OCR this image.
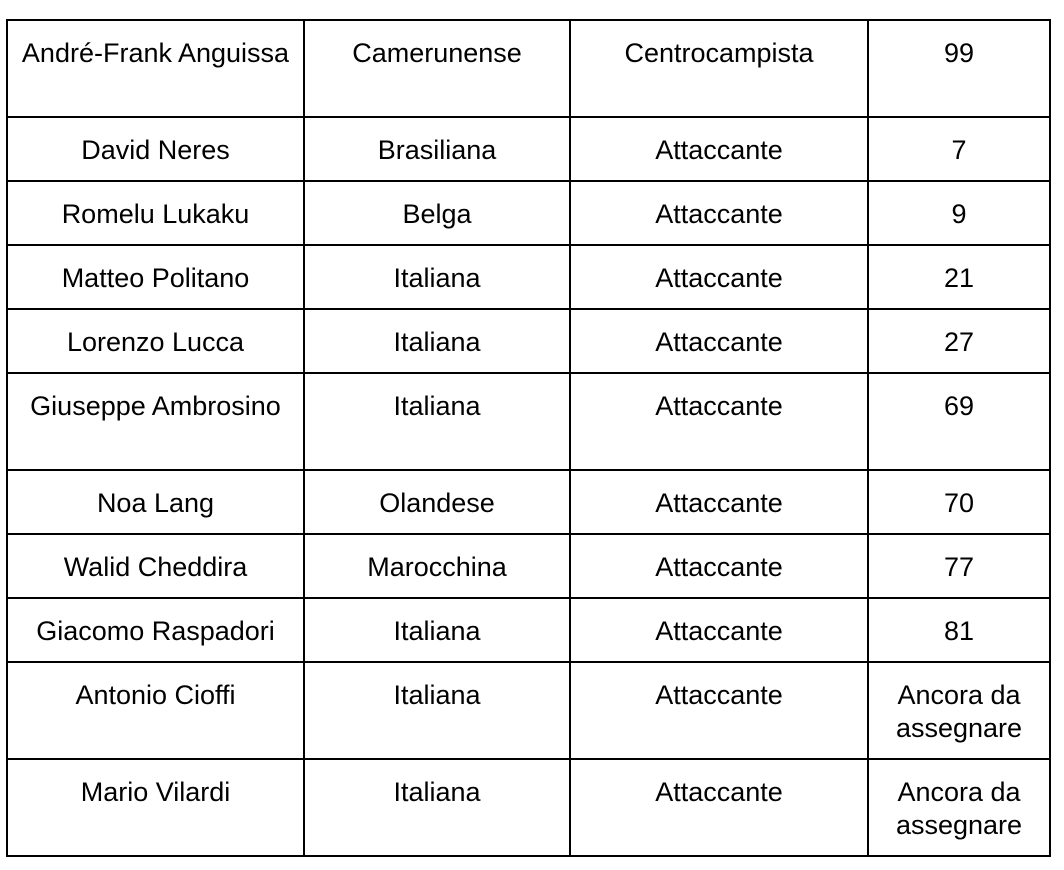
André-Frank Anguissa	Camerunense	Centrocampista	99
David Neres	Brasiliana	Attaccante	7
Romelu Lukaku	Belga	Attaccante	9
Matteo Politano	Italiana	Attaccante	21
Lorenzo Lucca	Italiana	Attaccante	27
Giuseppe Ambrosino	Italiana	Attaccante	69
Noa Lang	Olandese	Attaccante	70
Walid Cheddira	Marocchina	Attaccante	77
Giacomo Raspadori	Italiana	Attaccante	81
Antonio Cioffi	Italiana	Attaccante	Ancora da assegnare
Mario Vilardi	Italiana	Attaccante	Ancora da assegnare
